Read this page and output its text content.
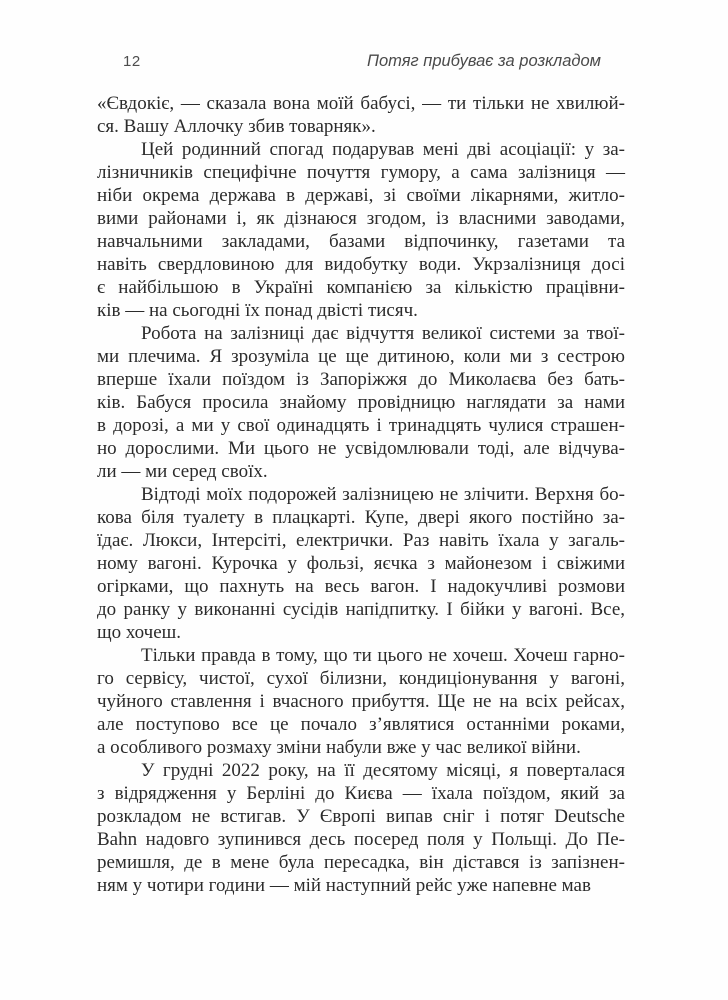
12	Потяг прибуває за розкладом

«Євдокіє, — сказала вона моїй бабусі, — ти тільки не хвилюй-
ся. Вашу Аллочку збив товарняк».

Цей родинний спогад подарував мені дві асоціації: у за-
лізничників специфічне почуття гумору, а сама залізниця —
ніби окрема держава в державі, зі своїми лікарнями, житло-
вими районами і, як дізнаюся згодом, із власними заводами,
навчальними закладами, базами відпочинку, газетами та
навіть свердловиною для видобутку води. Укрзалізниця досі
є найбільшою в Україні компанією за кількістю працівни-
ків — на сьогодні їх понад двісті тисяч.

Робота на залізниці дає відчуття великої системи за твої-
ми плечима. Я зрозуміла це ще дитиною, коли ми з сестрою
вперше їхали поїздом із Запоріжжя до Миколаєва без бать-
ків. Бабуся просила знайому провідницю наглядати за нами
в дорозі, а ми у свої одинадцять і тринадцять чулися страшен-
но дорослими. Ми цього не усвідомлювали тоді, але відчува-
ли — ми серед своїх.

Відтоді моїх подорожей залізницею не злічити. Верхня бо-
кова біля туалету в плацкарті. Купе, двері якого постійно за-
їдає. Люкси, Інтерсіті, електрички. Раз навіть їхала у загаль-
ному вагоні. Курочка у фользі, яєчка з майонезом і свіжими
огірками, що пахнуть на весь вагон. І надокучливі розмови
до ранку у виконанні сусідів напідпитку. І бійки у вагоні. Все,
що хочеш.

Тільки правда в тому, що ти цього не хочеш. Хочеш гарно-
го сервісу, чистої, сухої білизни, кондиціонування у вагоні,
чуйного ставлення і вчасного прибуття. Ще не на всіх рейсах,
але поступово все це почало з’являтися останніми роками,
а особливого розмаху зміни набули вже у час великої війни.

У грудні 2022 року, на її десятому місяці, я поверталася
з відрядження у Берліні до Києва — їхала поїздом, який за
розкладом не встигав. У Європі випав сніг і потяг Deutsche
Bahn надовго зупинився десь посеред поля у Польщі. До Пе-
ремишля, де в мене була пересадка, він дістався із запізнен-
ням у чотири години — мій наступний рейс уже напевне мав
